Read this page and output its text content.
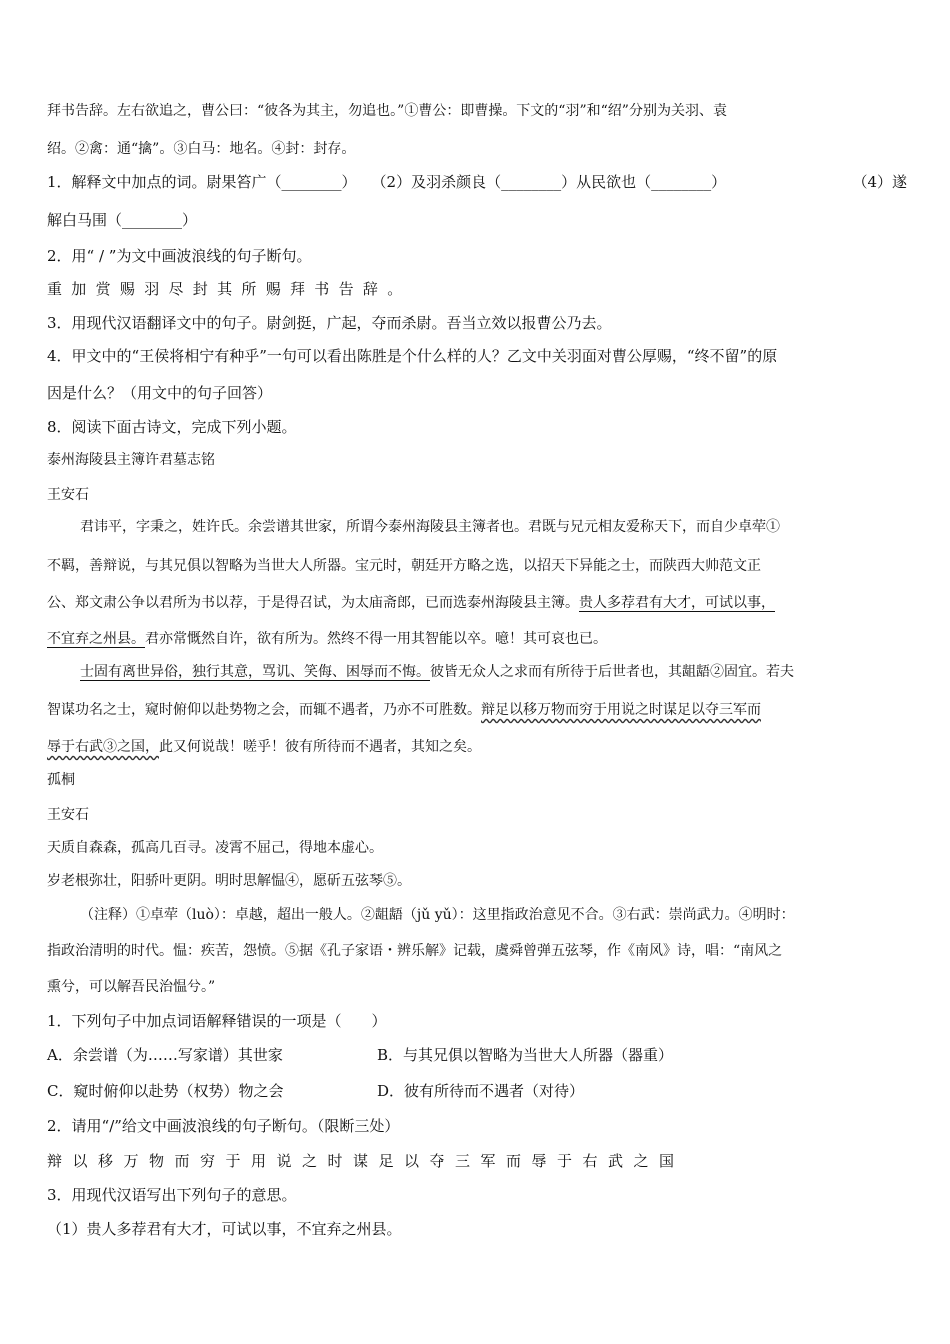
拜书告辞。左右欲追之，曹公曰：“彼各为其主，勿追也。”①曹公：即曹操。下文的“羽”和“绍”分别为关羽、袁
绍。②禽：通“擒”。③白马：地名。④封：封存。
1．解释文中加点的词。尉果笞广（________）　　（2）及羽杀颜良（________）从民欲也（________）	（4）遂
解白马围（________）
2．用“ / ”为文中画波浪线的句子断句。
重加赏赐羽尽封其所赐拜书告辞。
3．用现代汉语翻译文中的句子。尉剑挺，广起，夺而杀尉。吾当立效以报曹公乃去。
4．甲文中的“王侯将相宁有种乎”一句可以看出陈胜是个什么样的人？乙文中关羽面对曹公厚赐，“终不留”的原
因是什么？（用文中的句子回答）
8．阅读下面古诗文，完成下列小题。
泰州海陵县主簿许君墓志铭
王安石
君讳平，字秉之，姓许氏。余尝谱其世家，所谓今泰州海陵县主簿者也。君既与兄元相友爱称天下，而自少卓荦①
不羁，善辩说，与其兄俱以智略为当世大人所器。宝元时，朝廷开方略之选，以招天下异能之士，而陕西大帅范文正
公、郑文肃公争以君所为书以荐，于是得召试，为太庙斋郎，已而选泰州海陵县主簿。贵人多荐君有大才，可试以事，
不宜弃之州县。君亦常慨然自许，欲有所为。然终不得一用其智能以卒。噫！其可哀也已。
士固有离世异俗，独行其意，骂讥、笑侮、困辱而不悔。彼皆无众人之求而有所待于后世者也，其龃龉②固宜。若夫
智谋功名之士，窥时俯仰以赴势物之会，而辄不遇者，乃亦不可胜数。辩足以移万物而穷于用说之时谋足以夺三军而
辱于右武③之国，此又何说哉！嗟乎！彼有所待而不遇者，其知之矣。
孤桐
王安石
天质自森森，孤高几百寻。凌霄不屈己，得地本虚心。
岁老根弥壮，阳骄叶更阴。明时思解愠④，愿斫五弦琴⑤。
（注释）①卓荦（luò）：卓越，超出一般人。②龃龉（jǔ yǔ）：这里指政治意见不合。③右武：崇尚武力。④明时：
指政治清明的时代。愠：疾苦，怨愤。⑤据《孔子家语・辨乐解》记载，虞舜曾弹五弦琴，作《南风》诗，唱：“南风之
熏兮，可以解吾民治愠兮。”
1．下列句子中加点词语解释错误的一项是（　　）
A．余尝谱（为……写家谱）其世家	B．与其兄俱以智略为当世大人所器（器重）
C．窥时俯仰以赴势（权势）物之会	D．彼有所待而不遇者（对待）
2．请用“/”给文中画波浪线的句子断句。（限断三处）
辩以移万物而穷于用说之时谋足以夺三军而辱于右武之国
3．用现代汉语写出下列句子的意思。
（1）贵人多荐君有大才，可试以事，不宜弃之州县。
